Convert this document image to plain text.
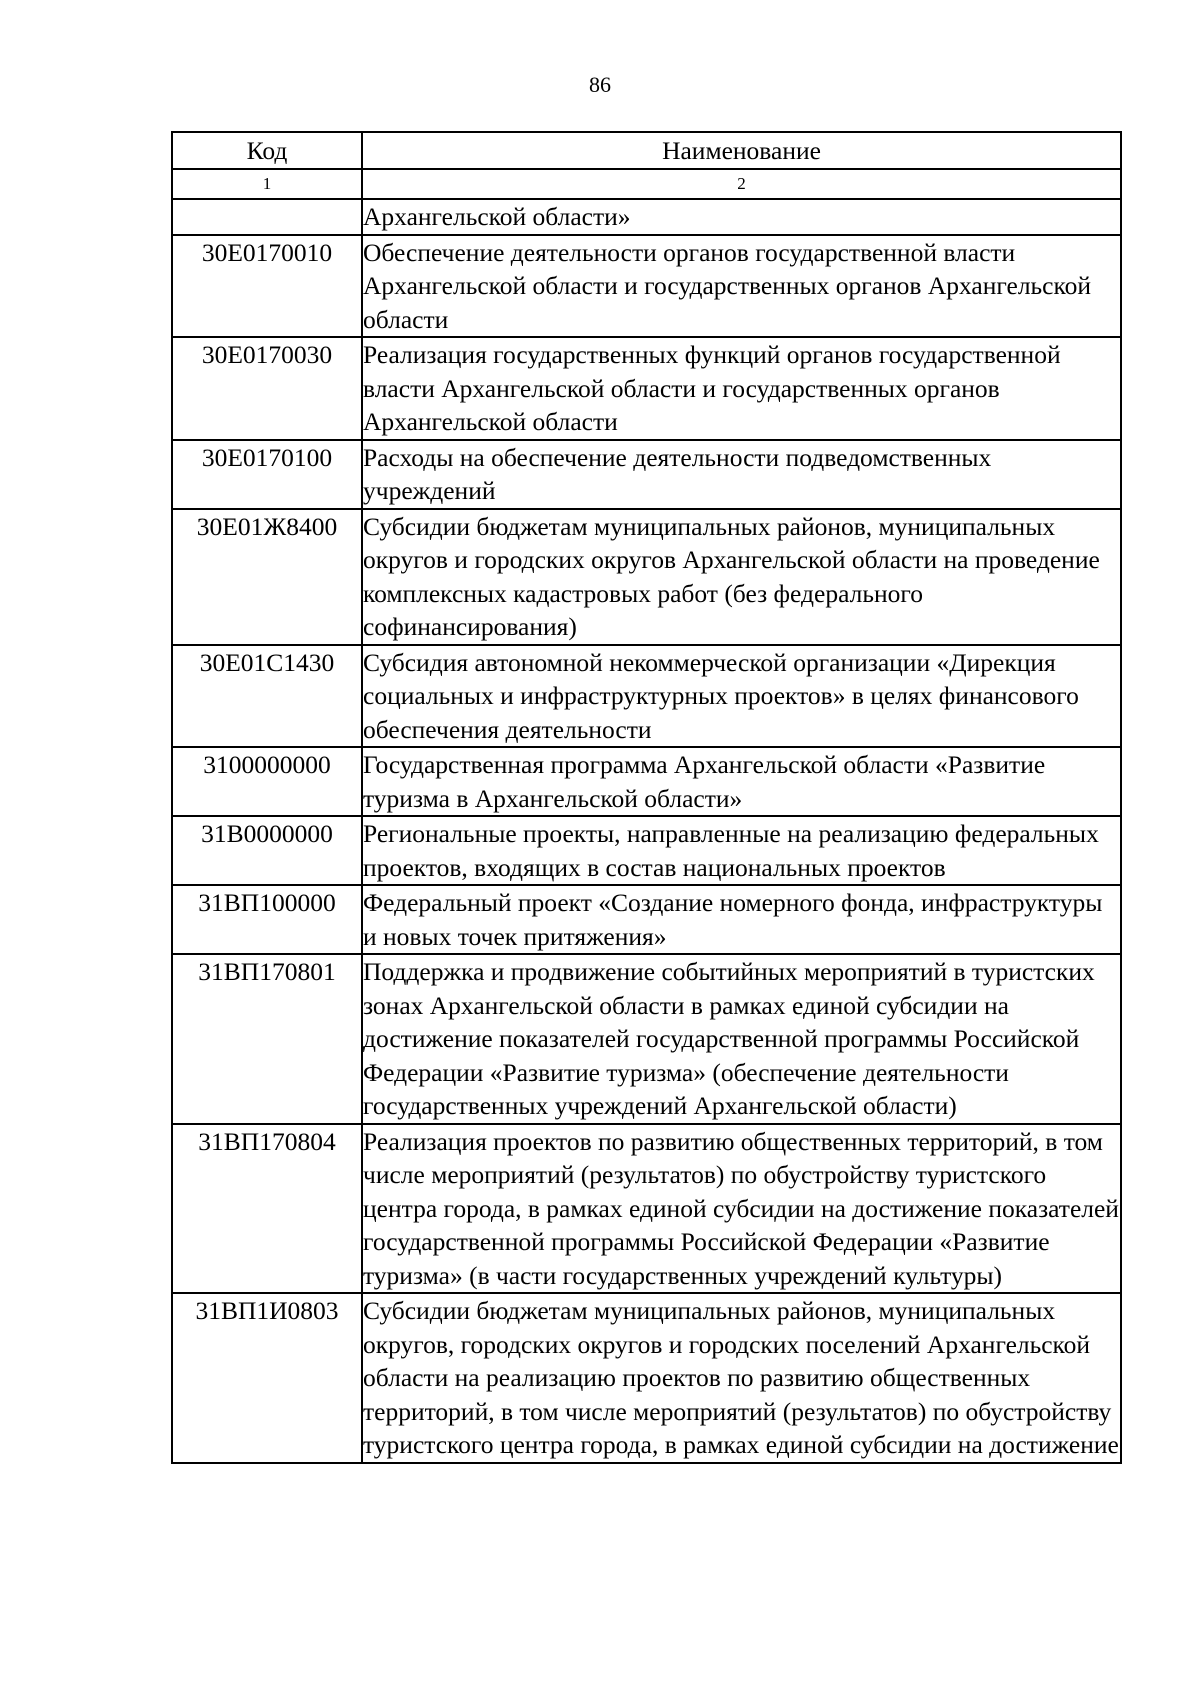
86
Код	Наименование
1	2
	Архангельской области»
30Е0170010	Обеспечение деятельности органов государственной власти Архангельской области и государственных органов Архангельской области
30Е0170030	Реализация государственных функций органов государственной власти Архангельской области и государственных органов Архангельской области
30Е0170100	Расходы на обеспечение деятельности подведомственных учреждений
30Е01Ж8400	Субсидии бюджетам муниципальных районов, муниципальных округов и городских округов Архангельской области на проведение комплексных кадастровых работ (без федерального софинансирования)
30Е01С1430	Субсидия автономной некоммерческой организации «Дирекция социальных и инфраструктурных проектов» в целях финансового обеспечения деятельности
3100000000	Государственная программа Архангельской области «Развитие туризма в Архангельской области»
31В0000000	Региональные проекты, направленные на реализацию федеральных проектов, входящих в состав национальных проектов
31ВП100000	Федеральный проект «Создание номерного фонда, инфраструктуры и новых точек притяжения»
31ВП170801	Поддержка и продвижение событийных мероприятий в туристских зонах Архангельской области в рамках единой субсидии на достижение показателей государственной программы Российской Федерации «Развитие туризма» (обеспечение деятельности государственных учреждений Архангельской области)
31ВП170804	Реализация проектов по развитию общественных территорий, в том числе мероприятий (результатов) по обустройству туристского центра города, в рамках единой субсидии на достижение показателей государственной программы Российской Федерации «Развитие туризма» (в части государственных учреждений культуры)
31ВП1И0803	Субсидии бюджетам муниципальных районов, муниципальных округов, городских округов и городских поселений Архангельской области на реализацию проектов по развитию общественных территорий, в том числе мероприятий (результатов) по обустройству туристского центра города, в рамках единой субсидии на достижение
